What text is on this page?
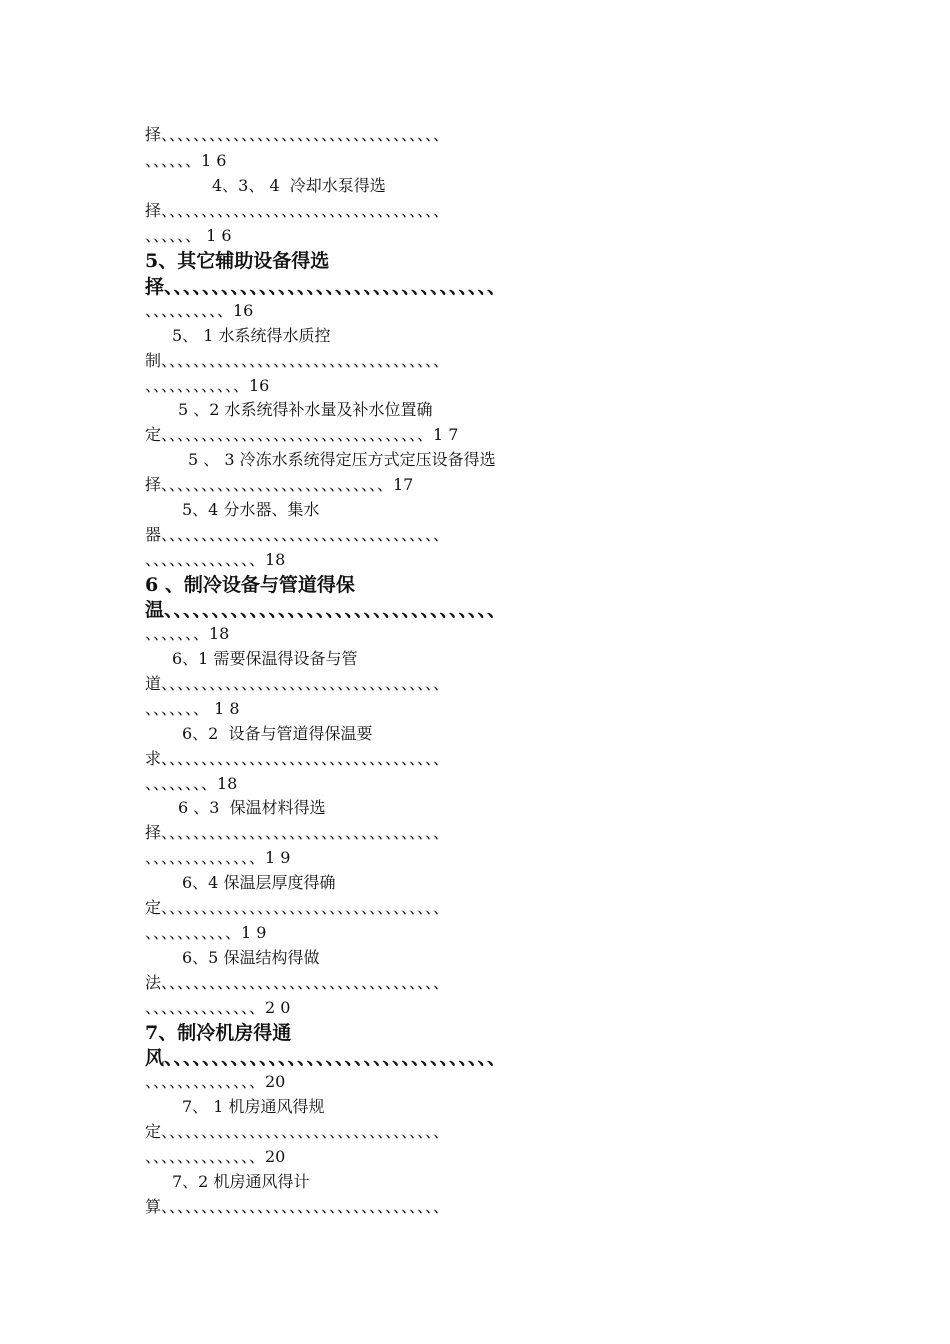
择、、、、、、、、、、、、、、、、、、、、、、、、、、、、、、、、、、、
、、、、、、1 6
4、3、 4  冷却水泵得选
择、、、、、、、、、、、、、、、、、、、、、、、、、、、、、、、、、、、
、、、、、、 1 6
5、其它辅助设备得选
择、、、、、、、、、、、、、、、、、、、、、、、、、、、、、、、、、、、
、、、、、、、、、、16
5、 1 水系统得水质控
制、、、、、、、、、、、、、、、、、、、、、、、、、、、、、、、、、、、
、、、、、、、、、、、、16
5 、2 水系统得补水量及补水位置确
定、、、、、、、、、、、、、、、、、、、、、、、、、、、、、、、、、1 7
5 、 3 冷冻水系统得定压方式定压设备得选
择、、、、、、、、、、、、、、、、、、、、、、、、、、、、17
5、4 分水器、集水
器、、、、、、、、、、、、、、、、、、、、、、、、、、、、、、、、、、、
、、、、、、、、、、、、、、18
6 、制冷设备与管道得保
温、、、、、、、、、、、、、、、、、、、、、、、、、、、、、、、、、、、
、、、、、、、18
6、1 需要保温得设备与管
道、、、、、、、、、、、、、、、、、、、、、、、、、、、、、、、、、、、
、、、、、、、 1 8
6、2  设备与管道得保温要
求、、、、、、、、、、、、、、、、、、、、、、、、、、、、、、、、、、、
、、、、、、、、18
6 、3  保温材料得选
择、、、、、、、、、、、、、、、、、、、、、、、、、、、、、、、、、、、
、、、、、、、、、、、、、、1 9
6、4 保温层厚度得确
定、、、、、、、、、、、、、、、、、、、、、、、、、、、、、、、、、、、
、、、、、、、、、、、1 9
6、5 保温结构得做
法、、、、、、、、、、、、、、、、、、、、、、、、、、、、、、、、、、、
、、、、、、、、、、、、、、2 0
7、制冷机房得通
风、、、、、、、、、、、、、、、、、、、、、、、、、、、、、、、、、、、
、、、、、、、、、、、、、、20
7、 1 机房通风得规
定、、、、、、、、、、、、、、、、、、、、、、、、、、、、、、、、、、、
、、、、、、、、、、、、、、20
7、2 机房通风得计
算、、、、、、、、、、、、、、、、、、、、、、、、、、、、、、、、、、、
